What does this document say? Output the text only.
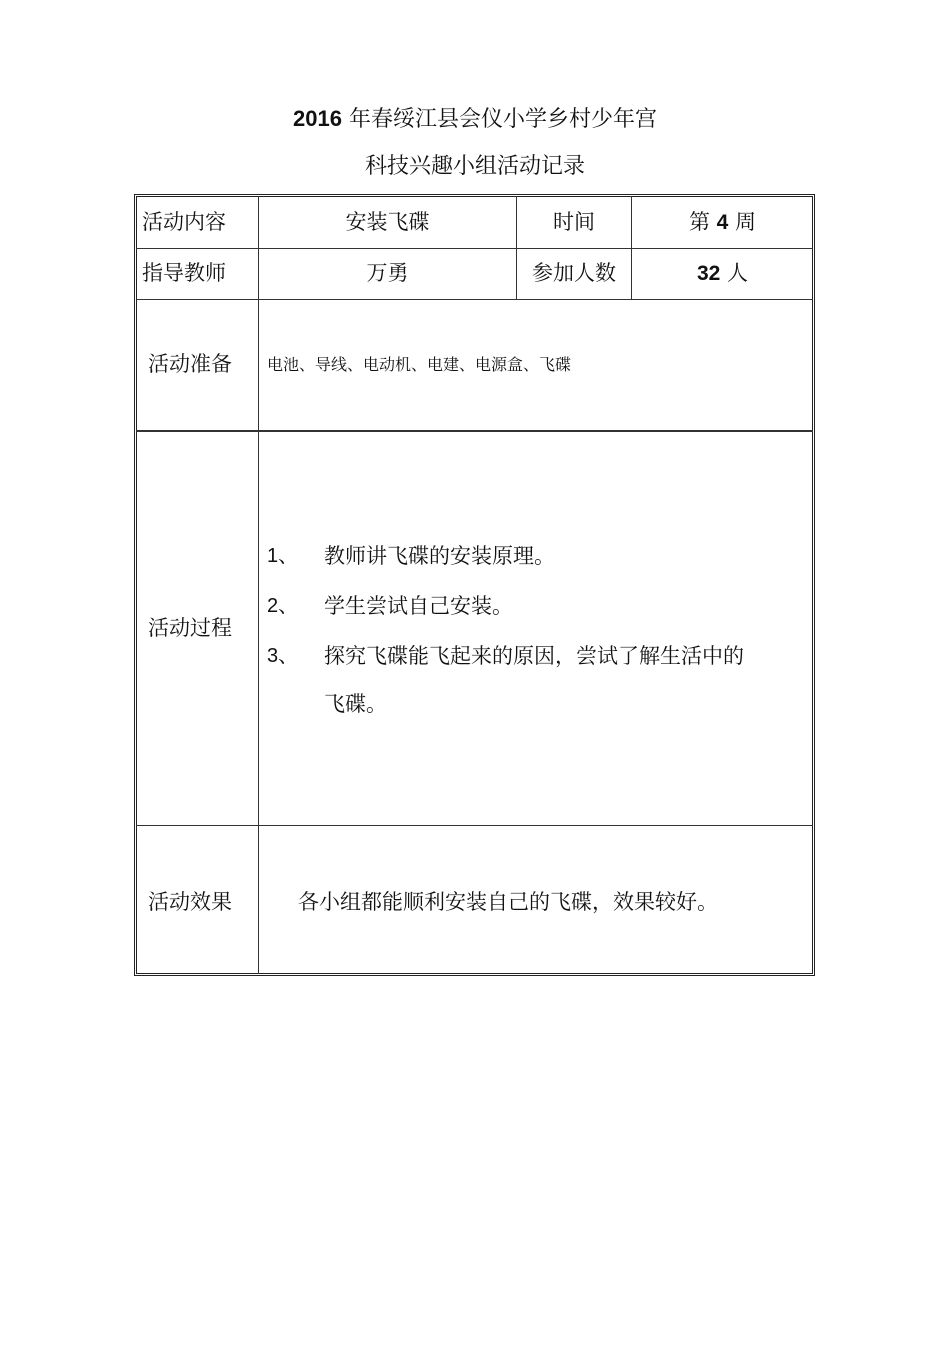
2016 年春绥江县会仪小学乡村少年宫
科技兴趣小组活动记录
活动内容	安装飞碟	时间	第 4 周
指导教师	万勇	参加人数	32 人
活动准备 电池、导线、电动机、电建、电源盒、飞碟
活动过程
1、 教师讲飞碟的安装原理。
2、 学生尝试自己安装。
3、 探究飞碟能飞起来的原因，尝试了解生活中的
飞碟。
活动效果	各小组都能顺利安装自己的飞碟，效果较好。
